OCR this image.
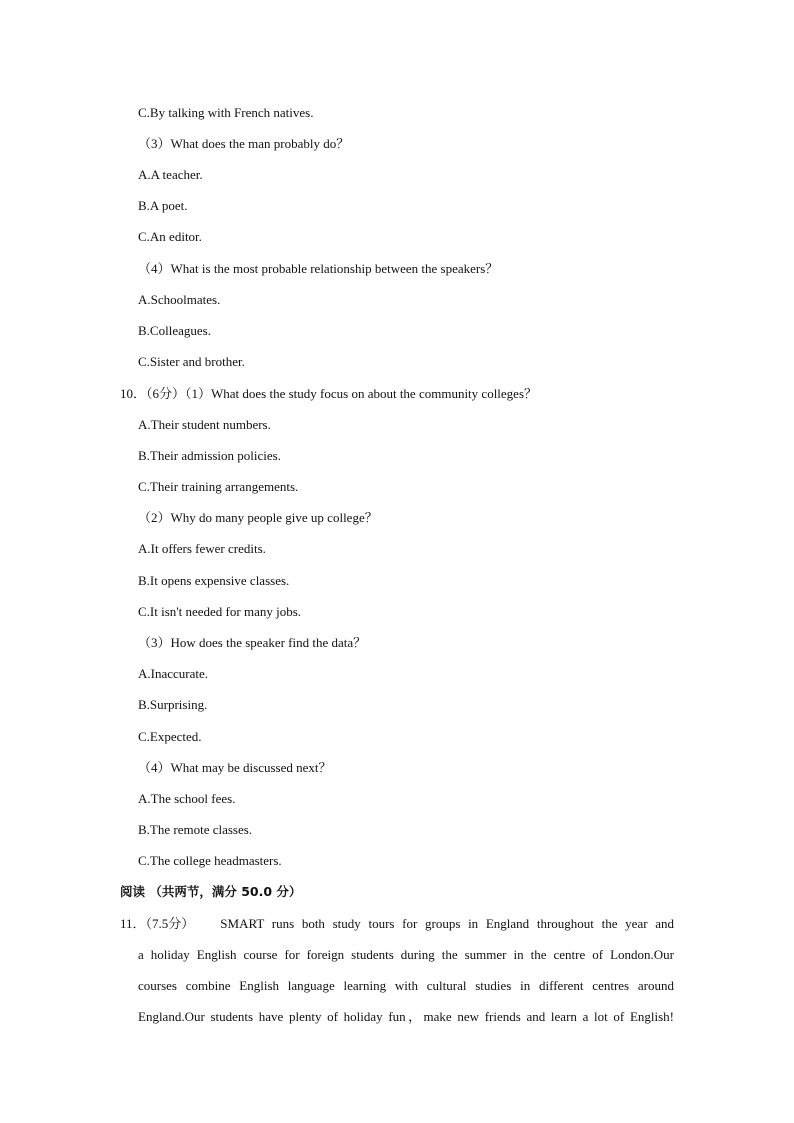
C.By talking with French natives.
（3）What does the man probably do？
A.A teacher.
B.A poet.
C.An editor.
（4）What is the most probable relationship between the speakers？
A.Schoolmates.
B.Colleagues.
C.Sister and brother.
10．（6分）（1）What does the study focus on about the community colleges？
A.Their student numbers.
B.Their admission policies.
C.Their training arrangements.
（2）Why do many people give up college？
A.It offers fewer credits.
B.It opens expensive classes.
C.It isn't needed for many jobs.
（3）How does the speaker find the data？
A.Inaccurate.
B.Surprising.
C.Expected.
（4）What may be discussed next？
A.The school fees.
B.The remote classes.
C.The college headmasters.
阅读 （共两节，满分 50.0 分）
11．（7.5分） SMART runs both study tours for groups in England throughout the year and
a holiday English course for foreign students during the summer in the centre of London.Our
courses combine English language learning with cultural studies in different centres around
England.Our students have plenty of holiday fun，make new friends and learn a lot of English!
